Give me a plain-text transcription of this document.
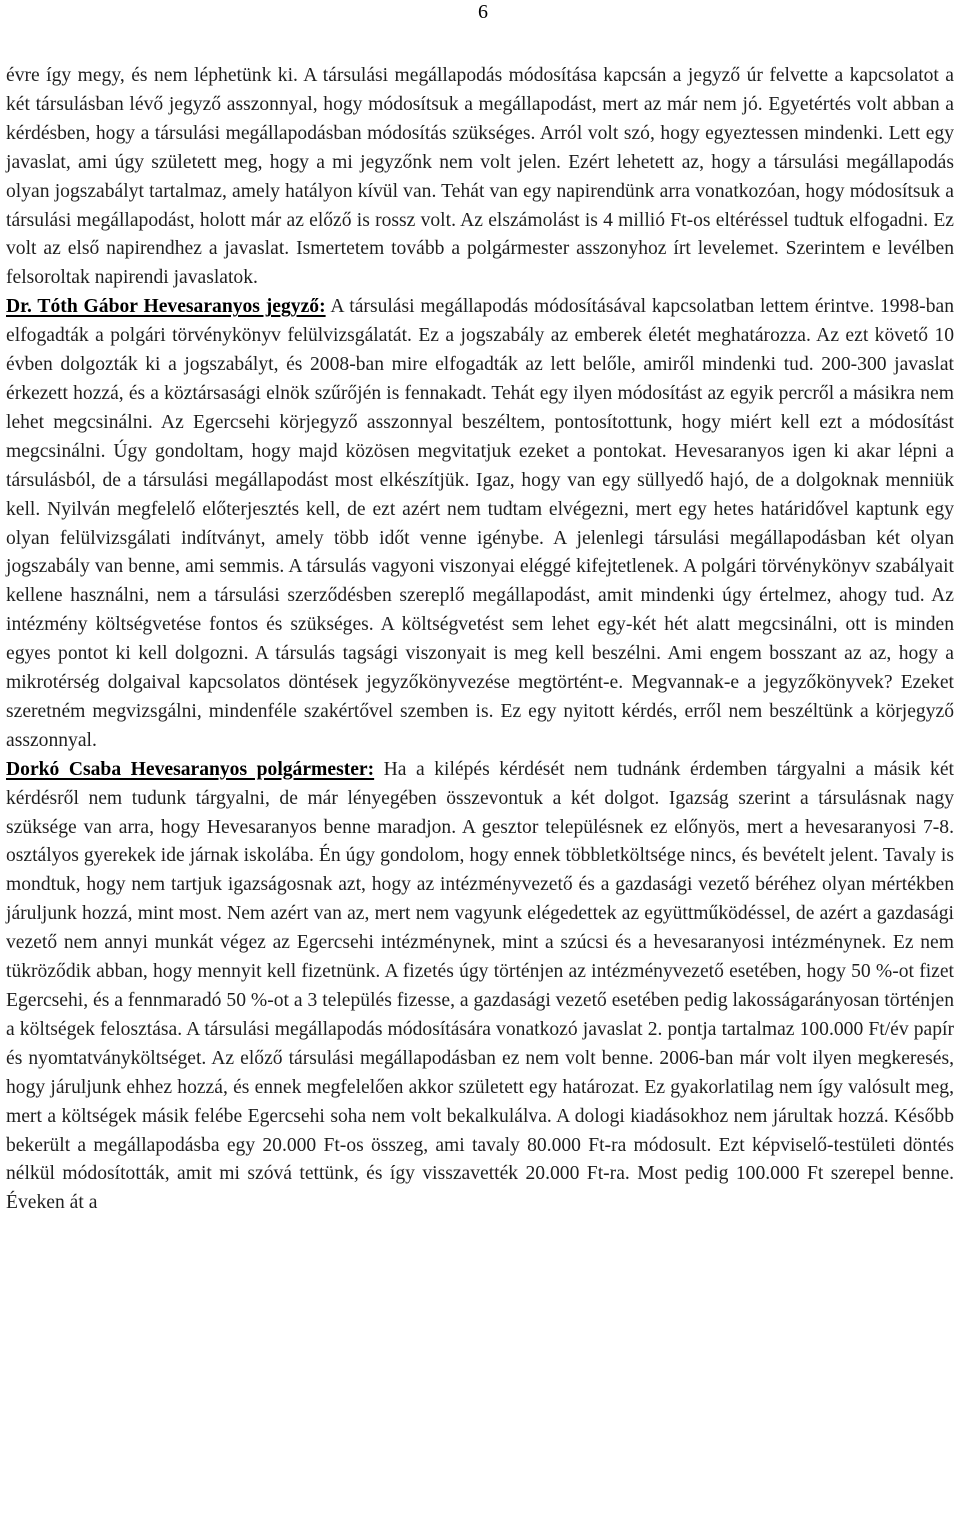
6

évre így megy, és nem léphetünk ki. A társulási megállapodás módosítása kapcsán a jegyző úr felvette a kapcsolatot a két társulásban lévő jegyző asszonnyal, hogy módosítsuk a megállapodást, mert az már nem jó. Egyetértés volt abban a kérdésben, hogy a társulási megállapodásban módosítás szükséges. Arról volt szó, hogy egyeztessen mindenki. Lett egy javaslat, ami úgy született meg, hogy a mi jegyzőnk nem volt jelen. Ezért lehetett az, hogy a társulási megállapodás olyan jogszabályt tartalmaz, amely hatályon kívül van. Tehát van egy napirendünk arra vonatkozóan, hogy módosítsuk a társulási megállapodást, holott már az előző is rossz volt. Az elszámolást is 4 millió Ft-os eltéréssel tudtuk elfogadni. Ez volt az első napirendhez a javaslat. Ismertetem tovább a polgármester asszonyhoz írt levelemet. Szerintem e levélben felsoroltak napirendi javaslatok.

Dr. Tóth Gábor Hevesaranyos jegyző: A társulási megállapodás módosításával kapcsolatban lettem érintve. 1998-ban elfogadták a polgári törvénykönyv felülvizsgálatát. Ez a jogszabály az emberek életét meghatározza. Az ezt követő 10 évben dolgozták ki a jogszabályt, és 2008-ban mire elfogadták az lett belőle, amiről mindenki tud. 200-300 javaslat érkezett hozzá, és a köztársasági elnök szűrőjén is fennakadt. Tehát egy ilyen módosítást az egyik percről a másikra nem lehet megcsinálni. Az Egercsehi körjegyző asszonnyal beszéltem, pontosítottunk, hogy miért kell ezt a módosítást megcsinálni. Úgy gondoltam, hogy majd közösen megvitatjuk ezeket a pontokat. Hevesaranyos igen ki akar lépni a társulásból, de a társulási megállapodást most elkészítjük. Igaz, hogy van egy süllyedő hajó, de a dolgoknak menniük kell. Nyilván megfelelő előterjesztés kell, de ezt azért nem tudtam elvégezni, mert egy hetes határidővel kaptunk egy olyan felülvizsgálati indítványt, amely több időt venne igénybe. A jelenlegi társulási megállapodásban két olyan jogszabály van benne, ami semmis. A társulás vagyoni viszonyai eléggé kifejtetlenek. A polgári törvénykönyv szabályait kellene használni, nem a társulási szerződésben szereplő megállapodást, amit mindenki úgy értelmez, ahogy tud. Az intézmény költségvetése fontos és szükséges. A költségvetést sem lehet egy-két hét alatt megcsinálni, ott is minden egyes pontot ki kell dolgozni. A társulás tagsági viszonyait is meg kell beszélni. Ami engem bosszant az az, hogy a mikrotérség dolgaival kapcsolatos döntések jegyzőkönyvezése megtörtént-e. Megvannak-e a jegyzőkönyvek? Ezeket szeretném megvizsgálni, mindenféle szakértővel szemben is. Ez egy nyitott kérdés, erről nem beszéltünk a körjegyző asszonnyal.

Dorkó Csaba Hevesaranyos polgármester: Ha a kilépés kérdését nem tudnánk érdemben tárgyalni a másik két kérdésről nem tudunk tárgyalni, de már lényegében összevontuk a két dolgot. Igazság szerint a társulásnak nagy szüksége van arra, hogy Hevesaranyos benne maradjon. A gesztor településnek ez előnyös, mert a hevesaranyosi 7-8. osztályos gyerekek ide járnak iskolába. Én úgy gondolom, hogy ennek többletköltsége nincs, és bevételt jelent. Tavaly is mondtuk, hogy nem tartjuk igazságosnak azt, hogy az intézményvezető és a gazdasági vezető béréhez olyan mértékben járuljunk hozzá, mint most. Nem azért van az, mert nem vagyunk elégedettek az együttműködéssel, de azért a gazdasági vezető nem annyi munkát végez az Egercsehi intézménynek, mint a szúcsi és a hevesaranyosi intézménynek. Ez nem tükröződik abban, hogy mennyit kell fizetnünk. A fizetés úgy történjen az intézményvezető esetében, hogy 50 %-ot fizet Egercsehi, és a fennmaradó 50 %-ot a 3 település fizesse, a gazdasági vezető esetében pedig lakosságarányosan történjen a költségek felosztása. A társulási megállapodás módosítására vonatkozó javaslat 2. pontja tartalmaz 100.000 Ft/év papír és nyomtatványköltséget. Az előző társulási megállapodásban ez nem volt benne. 2006-ban már volt ilyen megkeresés, hogy járuljunk ehhez hozzá, és ennek megfelelően akkor született egy határozat. Ez gyakorlatilag nem így valósult meg, mert a költségek másik felébe Egercsehi soha nem volt bekalkulálva. A dologi kiadásokhoz nem járultak hozzá. Később bekerült a megállapodásba egy 20.000 Ft-os összeg, ami tavaly 80.000 Ft-ra módosult. Ezt képviselő-testületi döntés nélkül módosították, amit mi szóvá tettünk, és így visszavették 20.000 Ft-ra. Most pedig 100.000 Ft szerepel benne. Éveken át a
